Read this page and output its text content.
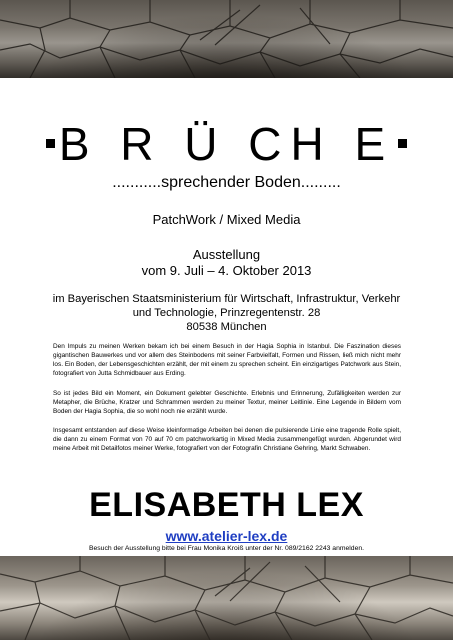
B R Ü CH E
...........sprechender Boden.........
PatchWork / Mixed Media
Ausstellung
vom 9. Juli – 4. Oktober 2013
im Bayerischen Staatsministerium für Wirtschaft, Infrastruktur, Verkehr
und Technologie, Prinzregentenstr. 28
80538 München

Den Impuls zu meinen Werken bekam ich bei einem Besuch in der Hagia Sophia in Istanbul. Die Faszination dieses gigantischen Bauwerkes und vor allem des Steinbodens mit seiner Farbvielfalt, Formen und Rissen, ließ mich nicht mehr los. Ein Boden, der Lebensgeschichten erzählt, der mit einem zu sprechen scheint. Ein einzigartiges Patchwork aus Stein, fotografiert von Jutta Schmidbauer aus Erding.

So ist jedes Bild ein Moment, ein Dokument gelebter Geschichte. Erlebnis und Erinnerung, Zufälligkeiten werden zur Metapher, die Brüche, Kratzer und Schrammen werden zu meiner Textur, meiner Leitlinie. Eine Legende in Bildern vom Boden der Hagia Sophia, die so wohl noch nie erzählt wurde.

Insgesamt entstanden auf diese Weise kleinformatige Arbeiten bei denen die pulsierende Linie eine tragende Rolle spielt, die dann zu einem Format von 70 auf 70 cm patchworkartig in Mixed Media zusammengefügt wurden. Abgerundet wird meine Arbeit mit Detailfotos meiner Werke, fotografiert von der Fotografin Christiane Gehring, Markt Schwaben.

ELISABETH LEX
www.atelier-lex.de
Besuch der Ausstellung bitte bei Frau Monika Kroiß unter der Nr. 089/2162 2243 anmelden.
